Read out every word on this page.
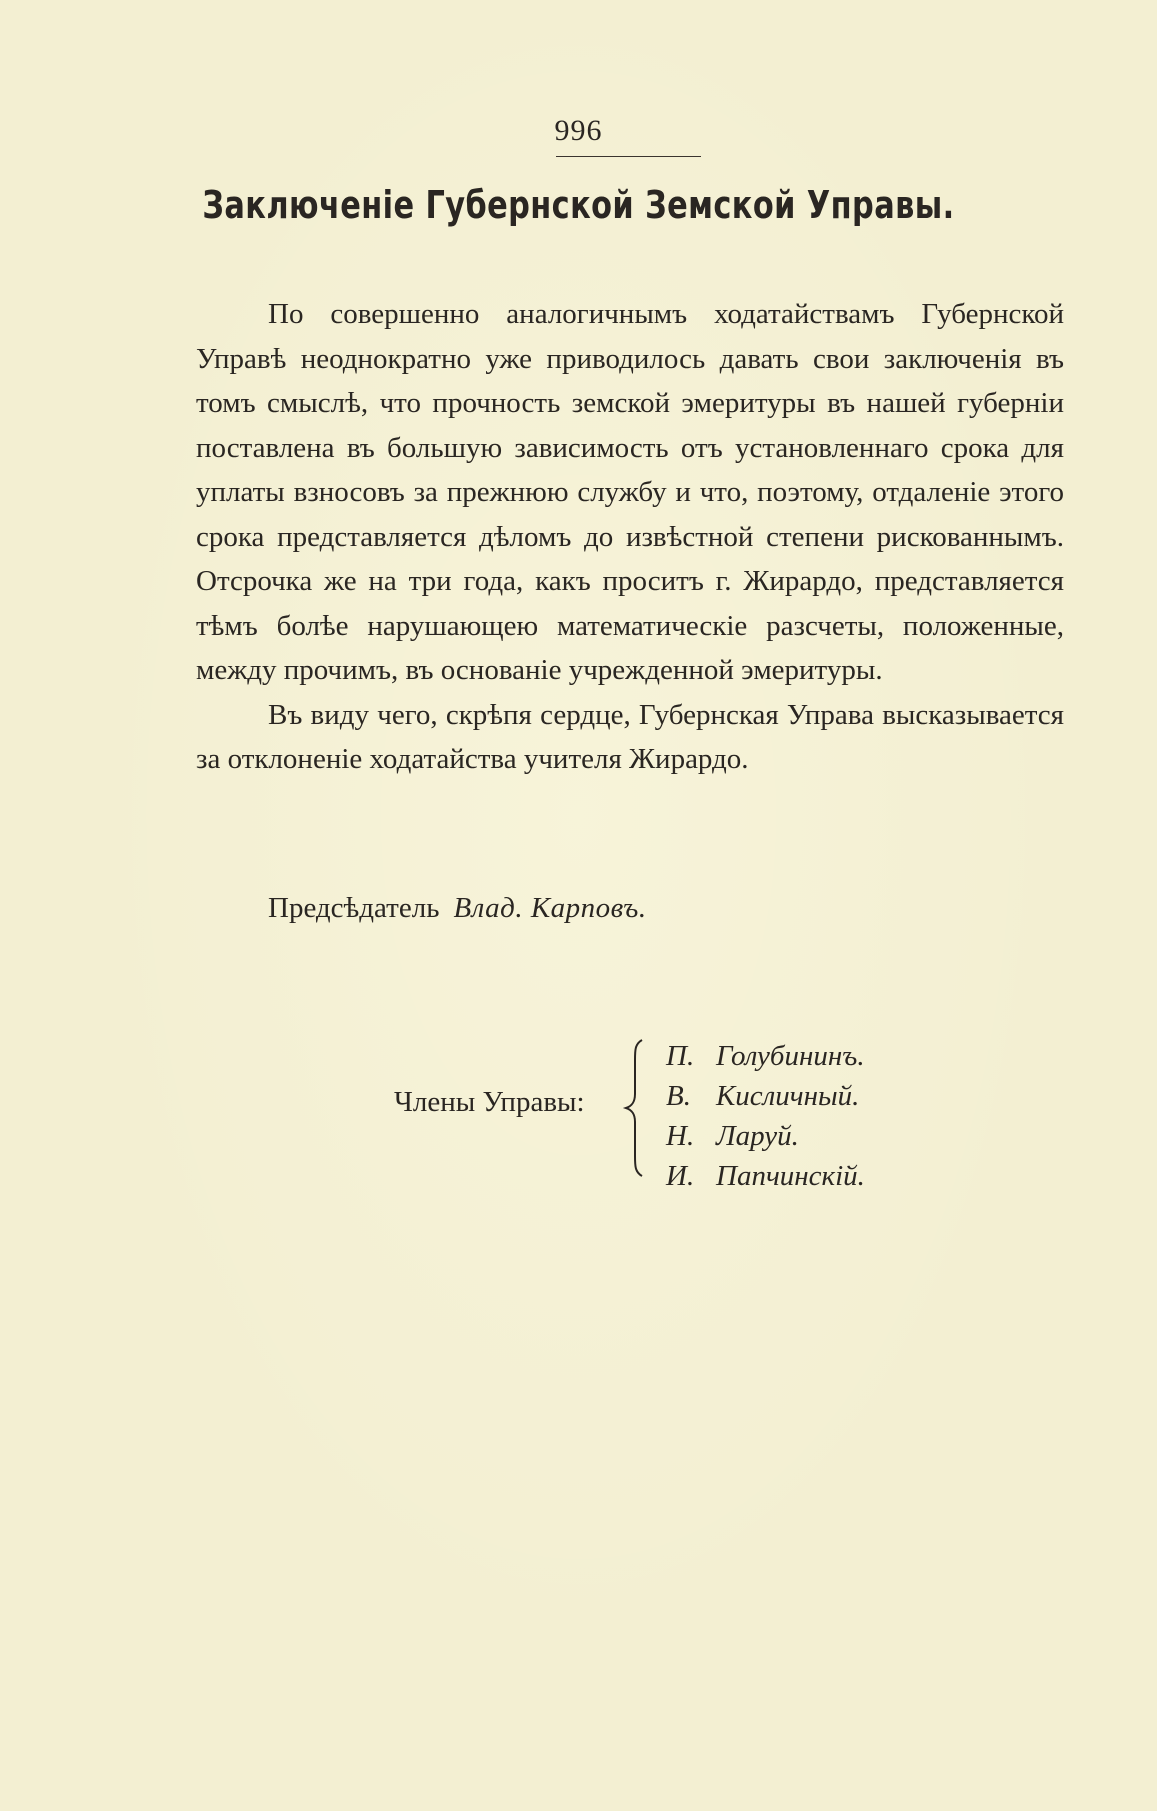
996
Заключенiе Губернской Земской Управы.

По совершенно аналогичнымъ ходатайствамъ Губернской Управѣ неоднократно уже приводилось давать свои заключенiя въ томъ смыслѣ, что прочность земской эмеритуры въ нашей губернiи поставлена въ большую зависимость отъ установленнаго срока для уплаты взносовъ за прежнюю службу и что, поэтому, отдаленiе этого срока представляется дѣломъ до извѣстной степени рискованнымъ. Отсрочка же на три года, какъ проситъ г. Жирардо, представляется тѣмъ болѣе нарушающею математическiе разсчеты, положенные, между прочимъ, въ основанiе учрежденной эмеритуры.

Въ виду чего, скрѣпя сердце, Губернская Управа высказывается за отклоненiе ходатайства учителя Жирардо.

Предсѣдатель Влад. Карповъ.
Члены Управы:
П. Голубининъ.
В. Кисличный.
Н. Ларуй.
И. Папчинскiй.
